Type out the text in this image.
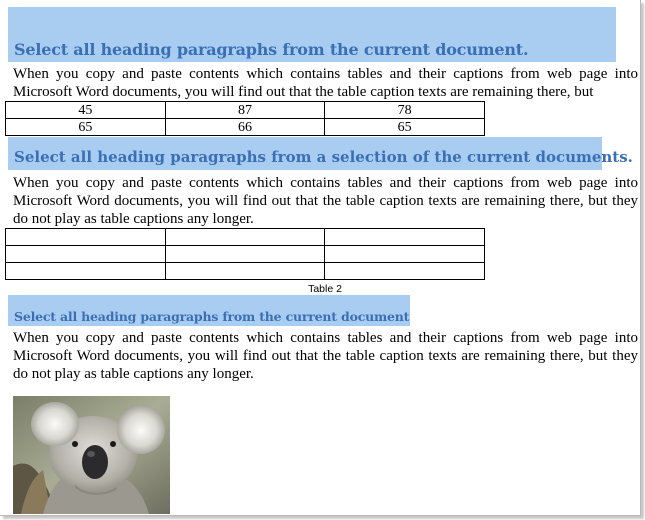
Select all heading paragraphs from the current document.
When you copy and paste contents which contains tables and their captions from web page into Microsoft Word documents, you will find out that the table caption texts are remaining there, but
45	87	78
65	66	65
Select all heading paragraphs from a selection of the current documents.
When you copy and paste contents which contains tables and their captions from web page into Microsoft Word documents, you will find out that the table caption texts are remaining there, but they do not play as table captions any longer.

Table 2
Select all heading paragraphs from the current document
When you copy and paste contents which contains tables and their captions from web page into Microsoft Word documents, you will find out that the table caption texts are remaining there, but they do not play as table captions any longer.
